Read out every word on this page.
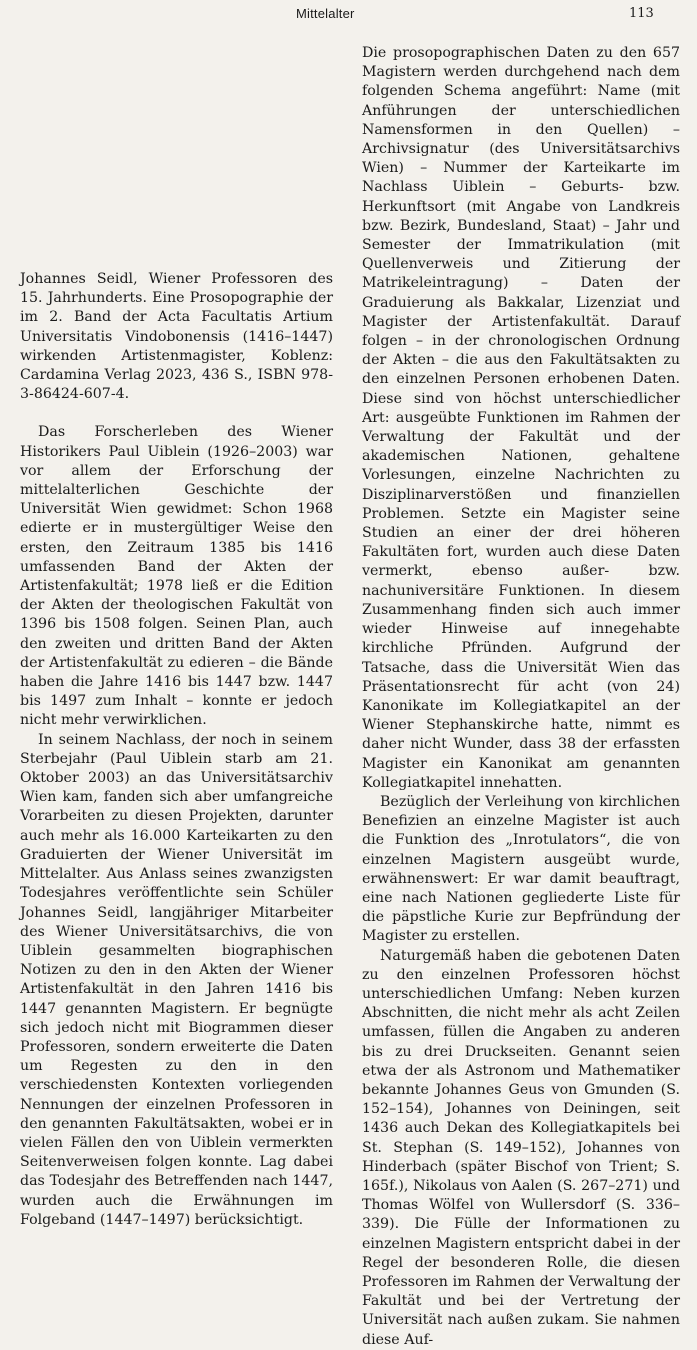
Mittelalter	113

Johannes Seidl, Wiener Professoren des 15. Jahrhunderts. Eine Prosopographie der im 2. Band der Acta Facultatis Artium Universitatis Vindobonensis (1416–1447) wirkenden Artistenmagister, Koblenz: Cardamina Verlag 2023, 436 S., ISBN 978-3-86424-607-4.

Das Forscherleben des Wiener Historikers Paul Uiblein (1926–2003) war vor allem der Erforschung der mittelalterlichen Geschichte der Universität Wien gewidmet: Schon 1968 edierte er in mustergültiger Weise den ersten, den Zeitraum 1385 bis 1416 umfassenden Band der Akten der Artistenfakultät; 1978 ließ er die Edition der Akten der theologischen Fakultät von 1396 bis 1508 folgen. Seinen Plan, auch den zweiten und dritten Band der Akten der Artistenfakultät zu edieren – die Bände haben die Jahre 1416 bis 1447 bzw. 1447 bis 1497 zum Inhalt – konnte er jedoch nicht mehr verwirklichen.

In seinem Nachlass, der noch in seinem Sterbejahr (Paul Uiblein starb am 21. Oktober 2003) an das Universitätsarchiv Wien kam, fanden sich aber umfangreiche Vorarbeiten zu diesen Projekten, darunter auch mehr als 16.000 Karteikarten zu den Graduierten der Wiener Universität im Mittelalter. Aus Anlass seines zwanzigsten Todesjahres veröffentlichte sein Schüler Johannes Seidl, langjähriger Mitarbeiter des Wiener Universitätsarchivs, die von Uiblein gesammelten biographischen Notizen zu den in den Akten der Wiener Artistenfakultät in den Jahren 1416 bis 1447 genannten Magistern. Er begnügte sich jedoch nicht mit Biogrammen dieser Professoren, sondern erweiterte die Daten um Regesten zu den in den verschiedensten Kontexten vorliegenden Nennungen der einzelnen Professoren in den genannten Fakultätsakten, wobei er in vielen Fällen den von Uiblein vermerkten Seitenverweisen folgen konnte. Lag dabei das Todesjahr des Betreffenden nach 1447, wurden auch die Erwähnungen im Folgeband (1447–1497) berücksichtigt.

Die prosopographischen Daten zu den 657 Magistern werden durchgehend nach dem folgenden Schema angeführt: Name (mit Anführungen der unterschiedlichen Namensformen in den Quellen) – Archivsignatur (des Universitätsarchivs Wien) – Nummer der Karteikarte im Nachlass Uiblein – Geburts- bzw. Herkunftsort (mit Angabe von Landkreis bzw. Bezirk, Bundesland, Staat) – Jahr und Semester der Immatrikulation (mit Quellenverweis und Zitierung der Matrikeleintragung) – Daten der Graduierung als Bakkalar, Lizenziat und Magister der Artistenfakultät. Darauf folgen – in der chronologischen Ordnung der Akten – die aus den Fakultätsakten zu den einzelnen Personen erhobenen Daten. Diese sind von höchst unterschiedlicher Art: ausgeübte Funktionen im Rahmen der Verwaltung der Fakultät und der akademischen Nationen, gehaltene Vorlesungen, einzelne Nachrichten zu Disziplinarverstößen und finanziellen Problemen. Setzte ein Magister seine Studien an einer der drei höheren Fakultäten fort, wurden auch diese Daten vermerkt, ebenso außer- bzw. nachuniversitäre Funktionen. In diesem Zusammenhang finden sich auch immer wieder Hinweise auf innegehabte kirchliche Pfründen. Aufgrund der Tatsache, dass die Universität Wien das Präsentationsrecht für acht (von 24) Kanonikate im Kollegiatkapitel an der Wiener Stephanskirche hatte, nimmt es daher nicht Wunder, dass 38 der erfassten Magister ein Kanonikat am genannten Kollegiatkapitel innehatten.

Bezüglich der Verleihung von kirchlichen Benefizien an einzelne Magister ist auch die Funktion des „Inrotulators“, die von einzelnen Magistern ausgeübt wurde, erwähnenswert: Er war damit beauftragt, eine nach Nationen gegliederte Liste für die päpstliche Kurie zur Bepfründung der Magister zu erstellen.

Naturgemäß haben die gebotenen Daten zu den einzelnen Professoren höchst unterschiedlichen Umfang: Neben kurzen Abschnitten, die nicht mehr als acht Zeilen umfassen, füllen die Angaben zu anderen bis zu drei Druckseiten. Genannt seien etwa der als Astronom und Mathematiker bekannte Johannes Geus von Gmunden (S. 152–154), Johannes von Deiningen, seit 1436 auch Dekan des Kollegiatkapitels bei St. Stephan (S. 149–152), Johannes von Hinderbach (später Bischof von Trient; S. 165f.), Nikolaus von Aalen (S. 267–271) und Thomas Wölfel von Wullersdorf (S. 336–339). Die Fülle der Informationen zu einzelnen Magistern entspricht dabei in der Regel der besonderen Rolle, die diesen Professoren im Rahmen der Verwaltung der Fakultät und bei der Vertretung der Universität nach außen zukam. Sie nahmen diese Auf-
